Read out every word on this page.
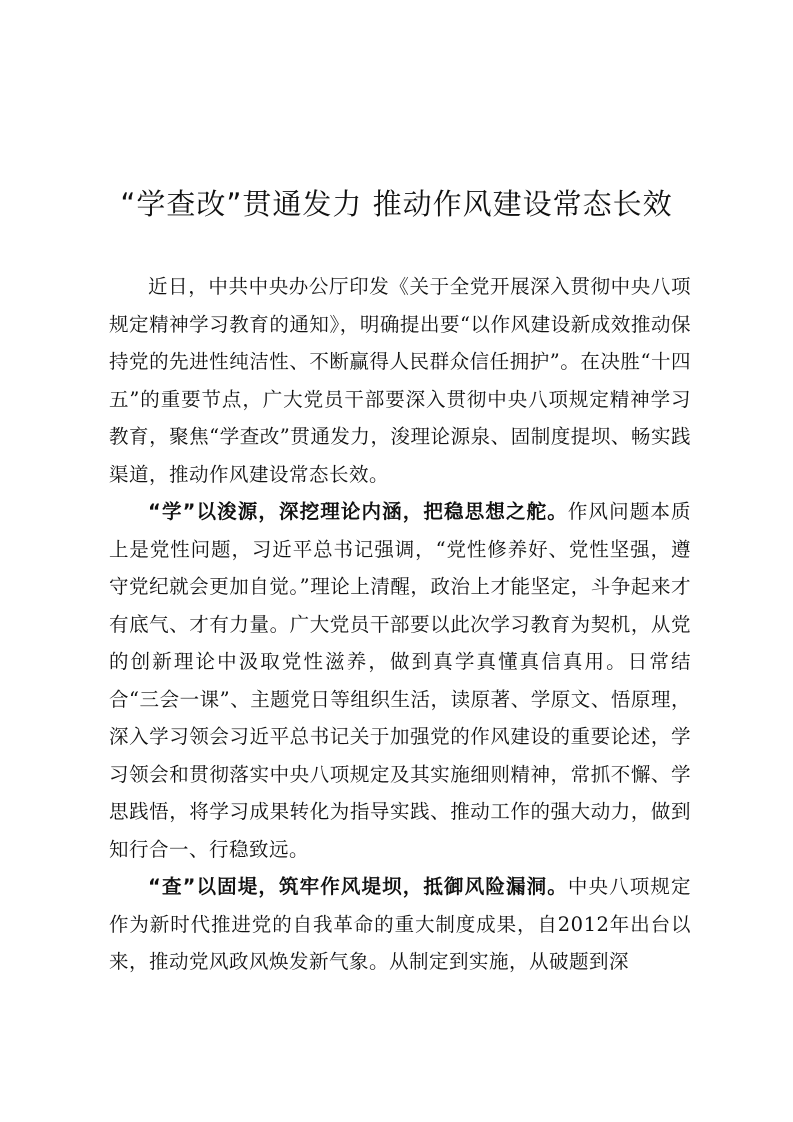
“学查改”贯通发力 推动作风建设常态长效

近日，中共中央办公厅印发《关于全党开展深入贯彻中央八项规定精神学习教育的通知》，明确提出要“以作风建设新成效推动保持党的先进性纯洁性、不断赢得人民群众信任拥护”。在决胜“十四五”的重要节点，广大党员干部要深入贯彻中央八项规定精神学习教育，聚焦“学查改”贯通发力，浚理论源泉、固制度提坝、畅实践渠道，推动作风建设常态长效。

“学”以浚源，深挖理论内涵，把稳思想之舵。作风问题本质上是党性问题，习近平总书记强调，“党性修养好、党性坚强，遵守党纪就会更加自觉。”理论上清醒，政治上才能坚定，斗争起来才有底气、才有力量。广大党员干部要以此次学习教育为契机，从党的创新理论中汲取党性滋养，做到真学真懂真信真用。日常结合“三会一课”、主题党日等组织生活，读原著、学原文、悟原理，深入学习领会习近平总书记关于加强党的作风建设的重要论述，学习领会和贯彻落实中央八项规定及其实施细则精神，常抓不懈、学思践悟，将学习成果转化为指导实践、推动工作的强大动力，做到知行合一、行稳致远。

“查”以固堤，筑牢作风堤坝，抵御风险漏洞。中央八项规定作为新时代推进党的自我革命的重大制度成果，自2012年出台以来，推动党风政风焕发新气象。从制定到实施，从破题到深
